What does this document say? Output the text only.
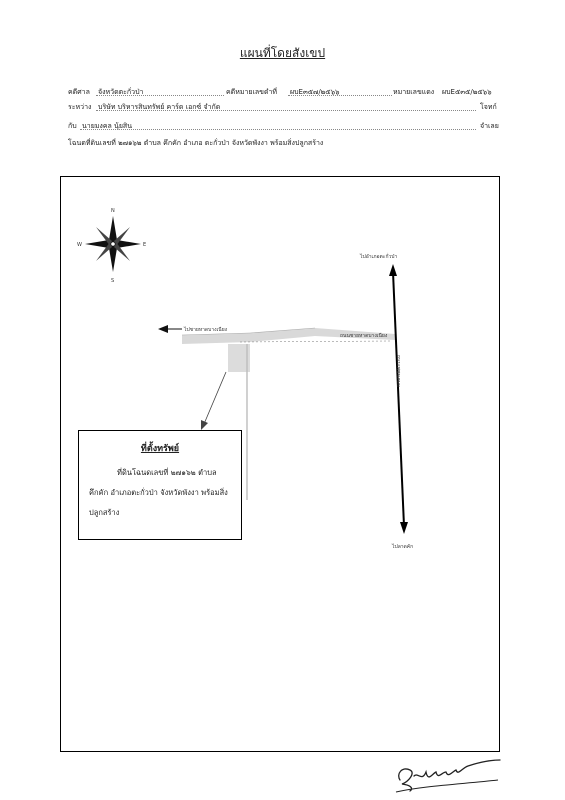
แผนที่โดยสังเขป
คดีศาล จังหวัดตะกั่วป่า	คดีหมายเลขดำที่ ผบE๓๕๗/๒๕๖๖	หมายเลขแดง ผบE๕๓๕/๒๕๖๖
ระหว่าง บริษัท บริหารสินทรัพย์ คาร์ด เอกซ์ จำกัด	โจทก์
กับ นายมงคล นุ้ยสิน	จำเลย
โฉนดที่ดินเลขที่ ๒๗๑๖๒ ตำบล คึกคัก อำเภอ ตะกั่วป่า จังหวัดพังงา พร้อมสิ่งปลูกสร้าง
N
S
W	E
ไปชายหาดบางเนียง
ถนนชายหาดบางเนียง
ถนนเพชรเกษม
ไปอำเภอตะกั่วป่า
ไปลาดคัก
ที่ตั้งทรัพย์
ที่ดินโฉนดเลขที่ ๒๗๑๖๒ ตำบล คึกคัก อำเภอตะกั่วป่า จังหวัดพังงา พร้อมสิ่งปลูกสร้าง
